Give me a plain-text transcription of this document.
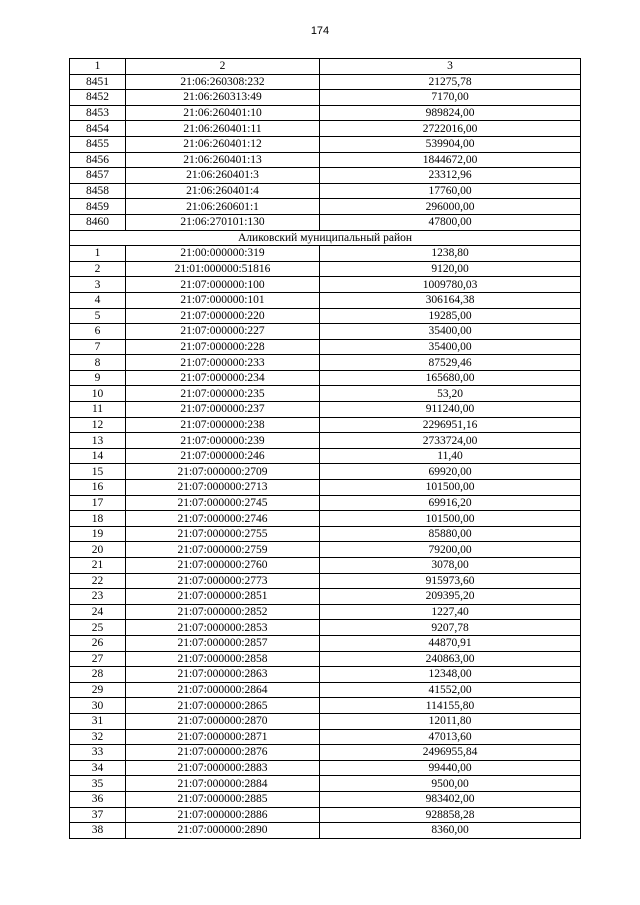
174
1	2	3
8451	21:06:260308:232	21275,78
8452	21:06:260313:49	7170,00
8453	21:06:260401:10	989824,00
8454	21:06:260401:11	2722016,00
8455	21:06:260401:12	539904,00
8456	21:06:260401:13	1844672,00
8457	21:06:260401:3	23312,96
8458	21:06:260401:4	17760,00
8459	21:06:260601:1	296000,00
8460	21:06:270101:130	47800,00
Аликовский муниципальный район		
1	21:00:000000:319	1238,80
2	21:01:000000:51816	9120,00
3	21:07:000000:100	1009780,03
4	21:07:000000:101	306164,38
5	21:07:000000:220	19285,00
6	21:07:000000:227	35400,00
7	21:07:000000:228	35400,00
8	21:07:000000:233	87529,46
9	21:07:000000:234	165680,00
10	21:07:000000:235	53,20
11	21:07:000000:237	911240,00
12	21:07:000000:238	2296951,16
13	21:07:000000:239	2733724,00
14	21:07:000000:246	11,40
15	21:07:000000:2709	69920,00
16	21:07:000000:2713	101500,00
17	21:07:000000:2745	69916,20
18	21:07:000000:2746	101500,00
19	21:07:000000:2755	85880,00
20	21:07:000000:2759	79200,00
21	21:07:000000:2760	3078,00
22	21:07:000000:2773	915973,60
23	21:07:000000:2851	209395,20
24	21:07:000000:2852	1227,40
25	21:07:000000:2853	9207,78
26	21:07:000000:2857	44870,91
27	21:07:000000:2858	240863,00
28	21:07:000000:2863	12348,00
29	21:07:000000:2864	41552,00
30	21:07:000000:2865	114155,80
31	21:07:000000:2870	12011,80
32	21:07:000000:2871	47013,60
33	21:07:000000:2876	2496955,84
34	21:07:000000:2883	99440,00
35	21:07:000000:2884	9500,00
36	21:07:000000:2885	983402,00
37	21:07:000000:2886	928858,28
38	21:07:000000:2890	8360,00
